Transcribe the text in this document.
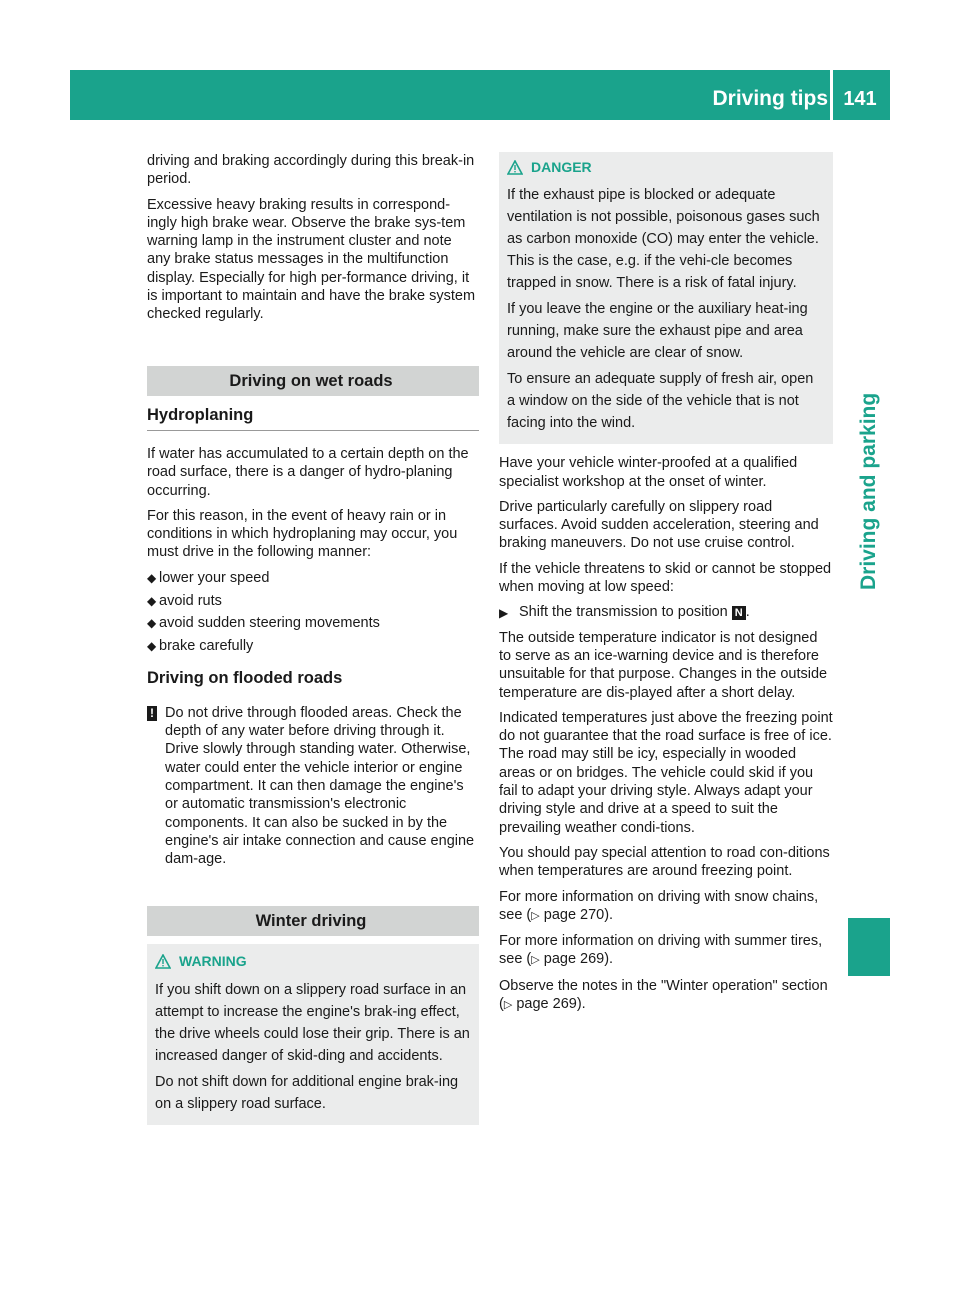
Driving tips 141
Driving and parking

driving and braking accordingly during this break-in period.

Excessive heavy braking results in correspond-ingly high brake wear. Observe the brake sys-tem warning lamp in the instrument cluster and note any brake status messages in the multifunction display. Especially for high per-formance driving, it is important to maintain and have the brake system checked regularly.

Driving on wet roads
Hydroplaning

If water has accumulated to a certain depth on the road surface, there is a danger of hydro-planing occurring.

For this reason, in the event of heavy rain or in conditions in which hydroplaning may occur, you must drive in the following manner:

◆ lower your speed
◆ avoid ruts
◆ avoid sudden steering movements
◆ brake carefully
Driving on flooded roads
! Do not drive through flooded areas. Check the depth of any water before driving through it. Drive slowly through standing water. Otherwise, water could enter the vehicle interior or engine compartment. It can then damage the engine's or automatic transmission's electronic components. It can also be sucked in by the engine's air intake connection and cause engine dam-age.
Winter driving
WARNING

If you shift down on a slippery road surface in an attempt to increase the engine's brak-ing effect, the drive wheels could lose their grip. There is an increased danger of skid-ding and accidents.

Do not shift down for additional engine brak-ing on a slippery road surface.

DANGER

If the exhaust pipe is blocked or adequate ventilation is not possible, poisonous gases such as carbon monoxide (CO) may enter the vehicle. This is the case, e.g. if the vehi-cle becomes trapped in snow. There is a risk of fatal injury.

If you leave the engine or the auxiliary heat-ing running, make sure the exhaust pipe and area around the vehicle are clear of snow.

To ensure an adequate supply of fresh air, open a window on the side of the vehicle that is not facing into the wind.

Have your vehicle winter-proofed at a qualified specialist workshop at the onset of winter.

Drive particularly carefully on slippery road surfaces. Avoid sudden acceleration, steering and braking maneuvers. Do not use cruise control.

If the vehicle threatens to skid or cannot be stopped when moving at low speed:

▶ Shift the transmission to position N .

The outside temperature indicator is not designed to serve as an ice-warning device and is therefore unsuitable for that purpose. Changes in the outside temperature are dis-played after a short delay.

Indicated temperatures just above the freezing point do not guarantee that the road surface is free of ice. The road may still be icy, especially in wooded areas or on bridges. The vehicle could skid if you fail to adapt your driving style. Always adapt your driving style and drive at a speed to suit the prevailing weather condi-tions.

You should pay special attention to road con-ditions when temperatures are around freezing point.

For more information on driving with snow chains, see (▷ page 270).

For more information on driving with summer tires, see (▷ page 269).

Observe the notes in the "Winter operation" section (▷ page 269).
